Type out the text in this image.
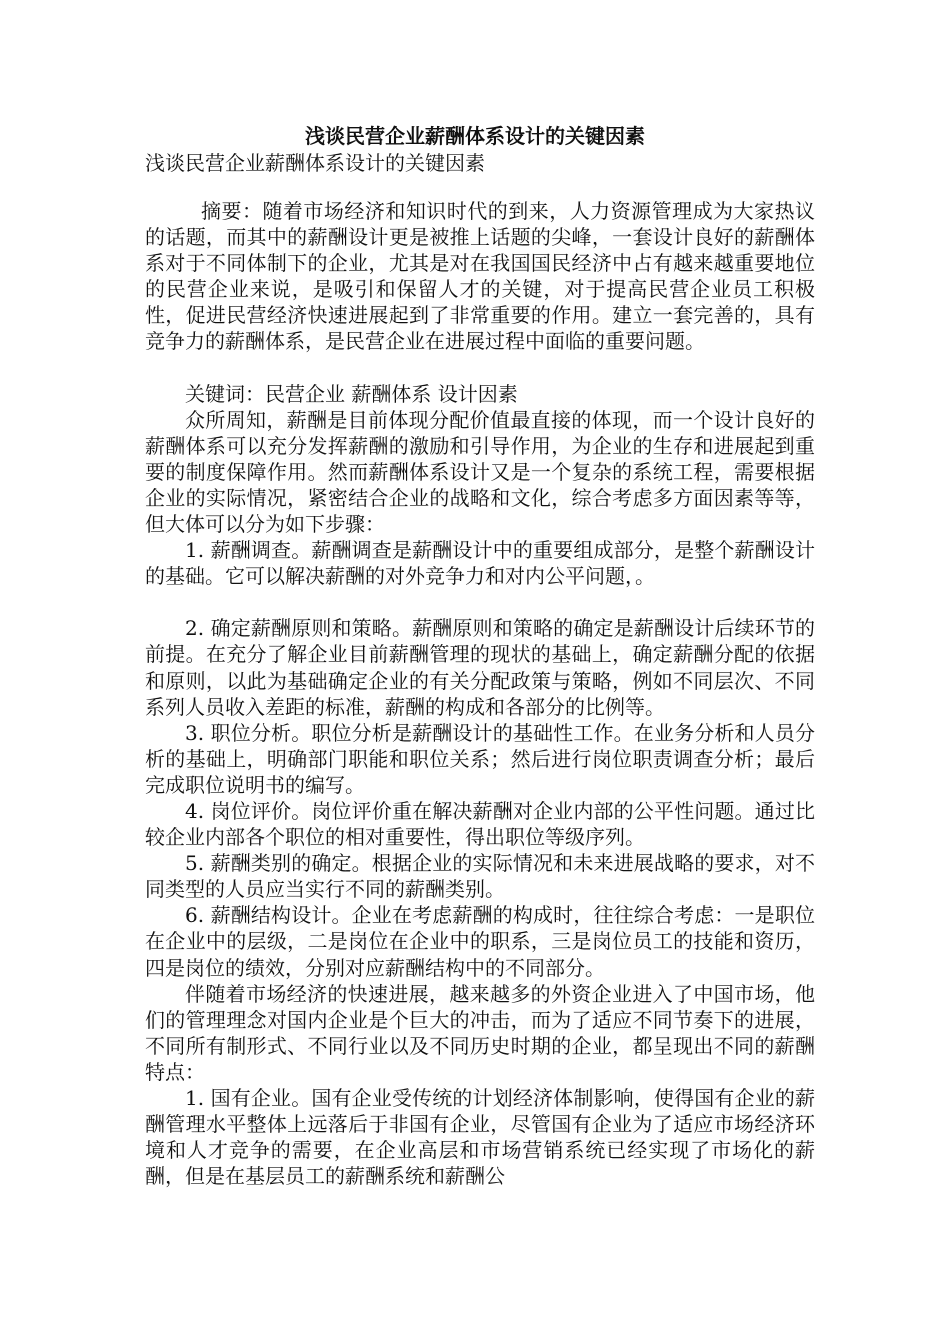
浅谈民营企业薪酬体系设计的关键因素

浅谈民营企业薪酬体系设计的关键因素

摘要：随着市场经济和知识时代的到来，人力资源管理成为大家热议的话题，而其中的薪酬设计更是被推上话题的尖峰，一套设计良好的薪酬体系对于不同体制下的企业，尤其是对在我国国民经济中占有越来越重要地位的民营企业来说，是吸引和保留人才的关键，对于提高民营企业员工积极性，促进民营经济快速进展起到了非常重要的作用。建立一套完善的，具有竞争力的薪酬体系，是民营企业在进展过程中面临的重要问题。

关键词：民营企业 薪酬体系 设计因素

众所周知，薪酬是目前体现分配价值最直接的体现，而一个设计良好的薪酬体系可以充分发挥薪酬的激励和引导作用，为企业的生存和进展起到重要的制度保障作用。然而薪酬体系设计又是一个复杂的系统工程，需要根据企业的实际情况，紧密结合企业的战略和文化，综合考虑多方面因素等等，但大体可以分为如下步骤：

1. 薪酬调查。薪酬调查是薪酬设计中的重要组成部分，是整个薪酬设计的基础。它可以解决薪酬的对外竞争力和对内公平问题，。

2. 确定薪酬原则和策略。薪酬原则和策略的确定是薪酬设计后续环节的前提。在充分了解企业目前薪酬管理的现状的基础上，确定薪酬分配的依据和原则，以此为基础确定企业的有关分配政策与策略，例如不同层次、不同系列人员收入差距的标准，薪酬的构成和各部分的比例等。

3. 职位分析。职位分析是薪酬设计的基础性工作。在业务分析和人员分析的基础上，明确部门职能和职位关系；然后进行岗位职责调查分析；最后完成职位说明书的编写。

4. 岗位评价。岗位评价重在解决薪酬对企业内部的公平性问题。通过比较企业内部各个职位的相对重要性，得出职位等级序列。

5. 薪酬类别的确定。根据企业的实际情况和未来进展战略的要求，对不同类型的人员应当实行不同的薪酬类别。

6. 薪酬结构设计。企业在考虑薪酬的构成时，往往综合考虑：一是职位在企业中的层级，二是岗位在企业中的职系，三是岗位员工的技能和资历，四是岗位的绩效，分别对应薪酬结构中的不同部分。

伴随着市场经济的快速进展，越来越多的外资企业进入了中国市场，他们的管理理念对国内企业是个巨大的冲击，而为了适应不同节奏下的进展，不同所有制形式、不同行业以及不同历史时期的企业，都呈现出不同的薪酬特点：

1. 国有企业。国有企业受传统的计划经济体制影响，使得国有企业的薪酬管理水平整体上远落后于非国有企业，尽管国有企业为了适应市场经济环境和人才竞争的需要，在企业高层和市场营销系统已经实现了市场化的薪酬，但是在基层员工的薪酬系统和薪酬公
